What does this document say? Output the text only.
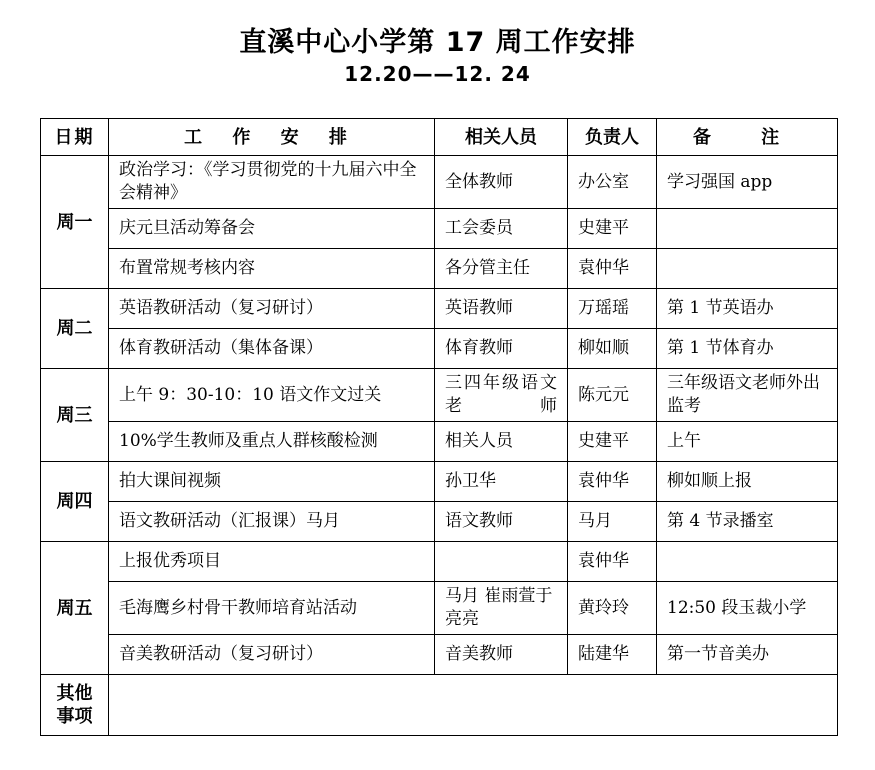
直溪中心小学第 17 周工作安排
12.20——12. 24
日期	工 作 安 排	相关人员	负责人	备 注
周一	政治学习：《学习贯彻党的十九届六中全会精神》	全体教师	办公室	学习强国 app
	庆元旦活动筹备会	工会委员	史建平	
	布置常规考核内容	各分管主任	袁仲华	
周二	英语教研活动（复习研讨）	英语教师	万瑶瑶	第 1 节英语办
	体育教研活动（集体备课）	体育教师	柳如顺	第 1 节体育办
周三	上午 9：30-10：10 语文作文过关	三四年级语文老师	陈元元	三年级语文老师外出监考
	10%学生教师及重点人群核酸检测	相关人员	史建平	上午
周四	拍大课间视频	孙卫华	袁仲华	柳如顺上报
	语文教研活动（汇报课）马月	语文教师	马月	第 4 节录播室
周五	上报优秀项目		袁仲华	
	毛海鹰乡村骨干教师培育站活动	马月 崔雨萱于亮亮	黄玲玲	12:50 段玉裁小学
	音美教研活动（复习研讨）	音美教师	陆建华	第一节音美办
其他事项				
